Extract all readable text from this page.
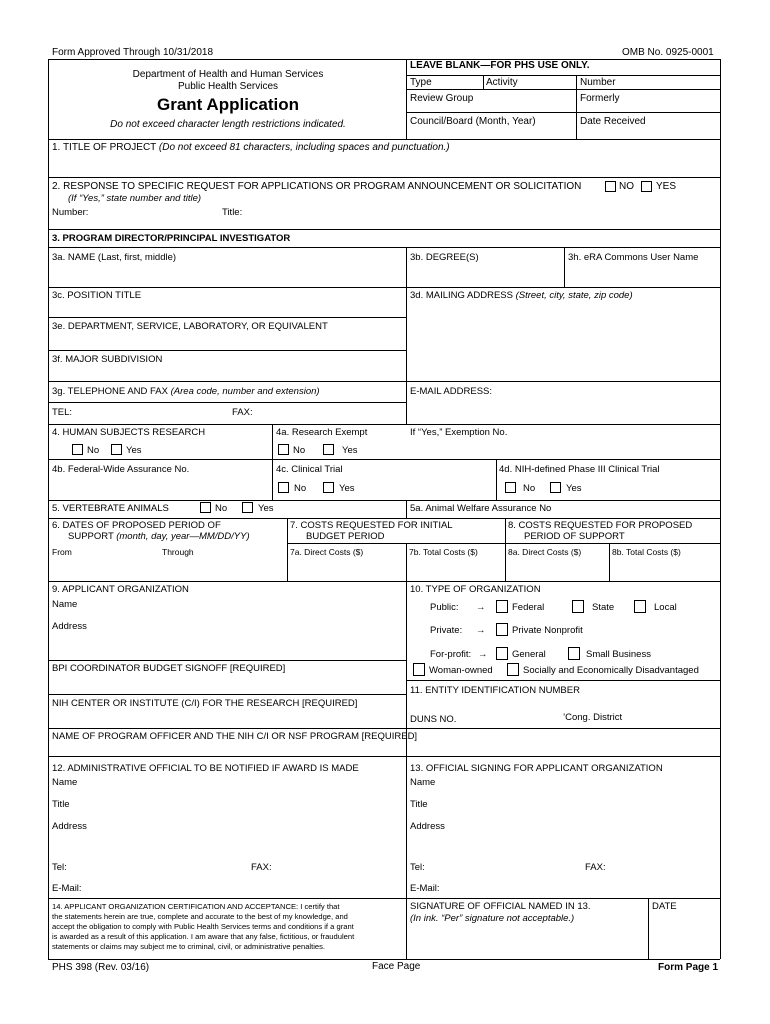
Form Approved Through 10/31/2018	OMB No. 0925-0001
Department of Health and Human Services
Public Health Services
Grant Application
Do not exceed character length restrictions indicated.
LEAVE BLANK—FOR PHS USE ONLY.
Type	Activity	Number
Review Group	Formerly
Council/Board (Month, Year)	Date Received
1. TITLE OF PROJECT (Do not exceed 81 characters, including spaces and punctuation.)
2. RESPONSE TO SPECIFIC REQUEST FOR APPLICATIONS OR PROGRAM ANNOUNCEMENT OR SOLICITATION	NO YES
(If “Yes,” state number and title)
Number:	Title:
3. PROGRAM DIRECTOR/PRINCIPAL INVESTIGATOR
3a. NAME (Last, first, middle)	3b. DEGREE(S)	3h. eRA Commons User Name
3c. POSITION TITLE	3d. MAILING ADDRESS (Street, city, state, zip code)
3e. DEPARTMENT, SERVICE, LABORATORY, OR EQUIVALENT
3f. MAJOR SUBDIVISION
3g. TELEPHONE AND FAX (Area code, number and extension)	E-MAIL ADDRESS:
TEL:	FAX:
4. HUMAN SUBJECTS RESEARCH
No	Yes
4a. Research Exempt
No	Yes
If “Yes,” Exemption No.
4b. Federal-Wide Assurance No.	4c. Clinical Trial
No	Yes
4d. NIH-defined Phase III Clinical Trial
No	Yes
5. VERTEBRATE ANIMALS	No	Yes	5a. Animal Welfare Assurance No
6. DATES OF PROPOSED PERIOD OF
SUPPORT (month, day, year—MM/DD/YY)
From	Through
7. COSTS REQUESTED FOR INITIAL
BUDGET PERIOD
7a. Direct Costs ($)	7b. Total Costs ($)
8. COSTS REQUESTED FOR PROPOSED
PERIOD OF SUPPORT
8a. Direct Costs ($)	8b. Total Costs ($)
9. APPLICANT ORGANIZATION
Name
Address
10. TYPE OF ORGANIZATION
Public: →	Federal	State	Local
Private: →	Private Nonprofit
For-profit: →	General	Small Business
Woman-owned	Socially and Economically Disadvantaged
BPI COORDINATOR BUDGET SIGNOFF [REQUIRED]
11. ENTITY IDENTIFICATION NUMBER
NIH CENTER OR INSTITUTE (C/I) FOR THE RESEARCH [REQUIRED]
DUNS NO.	’Cong. District
NAME OF PROGRAM OFFICER AND THE NIH C/I OR NSF PROGRAM [REQUIRED]
12. ADMINISTRATIVE OFFICIAL TO BE NOTIFIED IF AWARD IS MADE
Name
Title
Address
Tel:	FAX:
E-Mail:
13. OFFICIAL SIGNING FOR APPLICANT ORGANIZATION
Name
Title
Address
Tel:	FAX:
E-Mail:
14. APPLICANT ORGANIZATION CERTIFICATION AND ACCEPTANCE: I certify that
the statements herein are true, complete and accurate to the best of my knowledge, and
accept the obligation to comply with Public Health Services terms and conditions if a grant
is awarded as a result of this application. I am aware that any false, fictitious, or fraudulent
statements or claims may subject me to criminal, civil, or administrative penalties.
SIGNATURE OF OFFICIAL NAMED IN 13.
(In ink. “Per” signature not acceptable.)
DATE
PHS 398 (Rev. 03/16)	Face Page	Form Page 1
